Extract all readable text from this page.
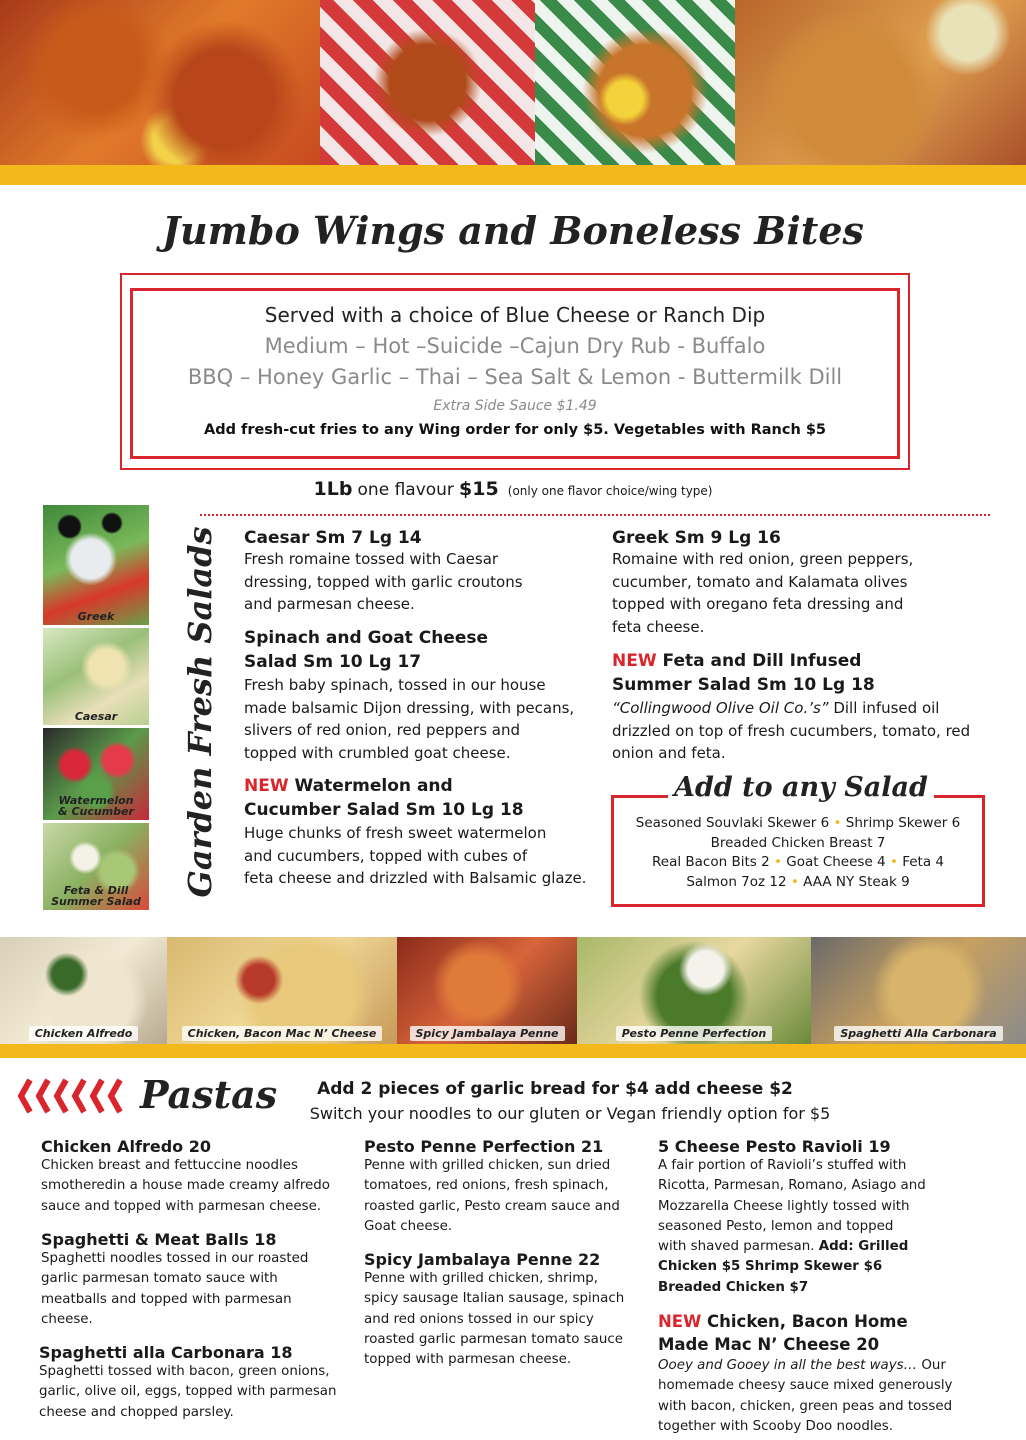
Jumbo Wings and Boneless Bites
Served with a choice of Blue Cheese or Ranch Dip
Medium – Hot –Suicide –Cajun Dry Rub - Buffalo
BBQ – Honey Garlic – Thai – Sea Salt & Lemon - Buttermilk Dill
Extra Side Sauce $1.49
Add fresh-cut fries to any Wing order for only $5. Vegetables with Ranch $5
1Lb one flavour $15 (only one flavor choice/wing type)
Greek
Caesar
Watermelon & Cucumber
Feta & Dill Summer Salad
Garden Fresh Salads Caesar Sm 7 Lg 14
Fresh romaine tossed with Caesar
dressing, topped with garlic croutons
and parmesan cheese.
Spinach and Goat Cheese
Salad Sm 10 Lg 17
Fresh baby spinach, tossed in our house
made balsamic Dijon dressing, with pecans,
slivers of red onion, red peppers and
topped with crumbled goat cheese.
NEW Watermelon and
Cucumber Salad Sm 10 Lg 18
Huge chunks of fresh sweet watermelon
and cucumbers, topped with cubes of
feta cheese and drizzled with Balsamic glaze.
Greek Sm 9 Lg 16
Romaine with red onion, green peppers,
cucumber, tomato and Kalamata olives
topped with oregano feta dressing and
feta cheese.
NEW Feta and Dill Infused
Summer Salad Sm 10 Lg 18
“Collingwood Olive Oil Co.’s” Dill infused oil
drizzled on top of fresh cucumbers, tomato, red
onion and feta.
Add to any Salad
Seasoned Souvlaki Skewer 6 • Shrimp Skewer 6
Breaded Chicken Breast 7
Real Bacon Bits 2 • Goat Cheese 4 • Feta 4
Salmon 7oz 12 • AAA NY Steak 9
Chicken Alfredo	Chicken, Bacon Mac N’ Cheese	Spicy Jambalaya Penne	Pesto Penne Perfection	Spaghetti Alla Carbonara
Pastas	Add 2 pieces of garlic bread for $4 add cheese $2
Switch your noodles to our gluten or Vegan friendly option for $5
Chicken Alfredo 20
Chicken breast and fettuccine noodles
smotheredin a house made creamy alfredo
sauce and topped with parmesan cheese.
Spaghetti & Meat Balls 18
Spaghetti noodles tossed in our roasted
garlic parmesan tomato sauce with
meatballs and topped with parmesan
cheese.
Spaghetti alla Carbonara 18
Spaghetti tossed with bacon, green onions,
garlic, olive oil, eggs, topped with parmesan
cheese and chopped parsley.
Pesto Penne Perfection 21
Penne with grilled chicken, sun dried
tomatoes, red onions, fresh spinach,
roasted garlic, Pesto cream sauce and
Goat cheese.
Spicy Jambalaya Penne 22
Penne with grilled chicken, shrimp,
spicy sausage Italian sausage, spinach
and red onions tossed in our spicy
roasted garlic parmesan tomato sauce
topped with parmesan cheese.
5 Cheese Pesto Ravioli 19
A fair portion of Ravioli’s stuffed with
Ricotta, Parmesan, Romano, Asiago and
Mozzarella Cheese lightly tossed with
seasoned Pesto, lemon and topped
with shaved parmesan. Add: Grilled
Chicken $5 Shrimp Skewer $6
Breaded Chicken $7
NEW Chicken, Bacon Home
Made Mac N’ Cheese 20
Ooey and Gooey in all the best ways… Our
homemade cheesy sauce mixed generously
with bacon, chicken, green peas and tossed
together with Scooby Doo noodles.
